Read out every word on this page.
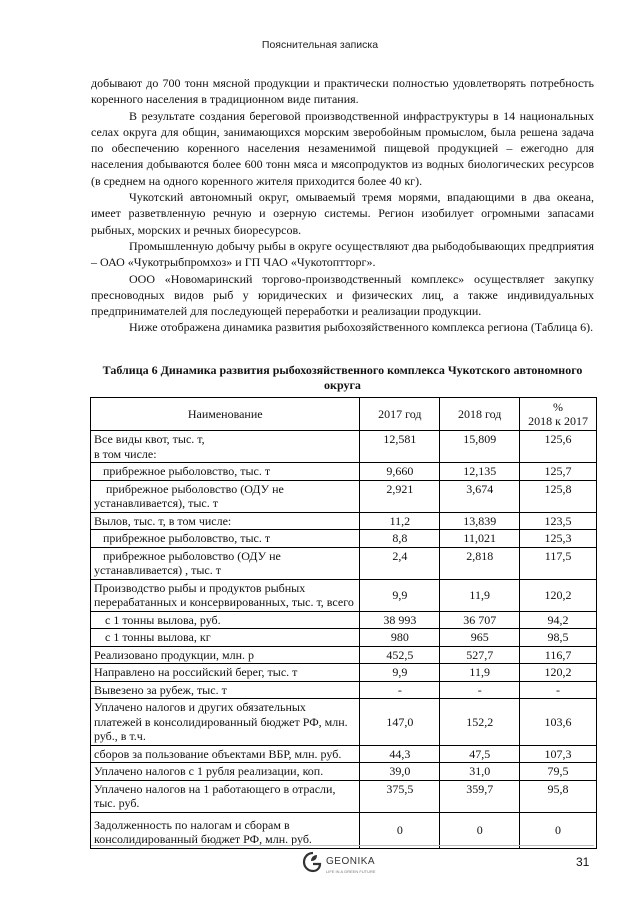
Пояснительная записка

добывают до 700 тонн мясной продукции и практически полностью удовлетворять потребность коренного населения в традиционном виде питания.

В результате создания береговой производственной инфраструктуры в 14 национальных селах округа для общин, занимающихся морским зверобойным промыслом, была решена задача по обеспечению коренного населения незаменимой пищевой продукцией – ежегодно для населения добываются более 600 тонн мяса и мясопродуктов из водных биологических ресурсов (в среднем на одного коренного жителя приходится более 40 кг).

Чукотский автономный округ, омываемый тремя морями, впадающими в два океана, имеет разветвленную речную и озерную системы. Регион изобилует огромными запасами рыбных, морских и речных биоресурсов.

Промышленную добычу рыбы в округе осуществляют два рыбодобывающих предприятия – ОАО «Чукотрыбпромхоз» и ГП ЧАО «Чукотоптторг».

ООО «Новомаринский торгово-производственный комплекс» осуществляет закупку пресноводных видов рыб у юридических и физических лиц, а также индивидуальных предпринимателей для последующей переработки и реализации продукции.

Ниже отображена динамика развития рыбохозяйственного комплекса региона (Таблица 6).

Таблица 6 Динамика развития рыбохозяйственного комплекса Чукотского автономного округа
Наименование	2017 год	2018 год	%
2018 к 2017

Все виды квот, тыс. т,
в том числе:	12,581	15,809	125,6
прибрежное рыболовство, тыс. т	9,660	12,135	125,7

прибрежное рыболовство (ОДУ не
устанавливается), тыс. т	2,921	3,674	125,8
Вылов, тыс. т, в том числе:	11,2	13,839	123,5
прибрежное рыболовство, тыс. т	8,8	11,021	125,3

прибрежное рыболовство (ОДУ не
устанавливается) , тыс. т	2,4	2,818	117,5
Производство рыбы и продуктов рыбных перерабатанных и консервированных, тыс. т, всего	9,9	11,9	120,2
с 1 тонны вылова, руб.	38 993	36 707	94,2
с 1 тонны вылова, кг	980	965	98,5
Реализовано продукции, млн. р	452,5	527,7	116,7
Направлено на российский берег, тыс. т	9,9	11,9	120,2
Вывезено за рубеж, тыс. т	-	-	-
Уплачено налогов и других обязательных платежей в консолидированный бюджет РФ, млн. руб., в т.ч.	147,0	152,2	103,6
сборов за пользование объектами ВБР, млн. руб.	44,3	47,5	107,3
Уплачено налогов с 1 рубля реализации, коп.	39,0	31,0	79,5
Уплачено налогов на 1 работающего в отрасли, тыс. руб.	375,5	359,7	95,8
Задолженность по налогам и сборам в консолидированный бюджет РФ, млн. руб.	0	0	0
GEONIKA
LIFE IN A GREEN FUTURE
31
